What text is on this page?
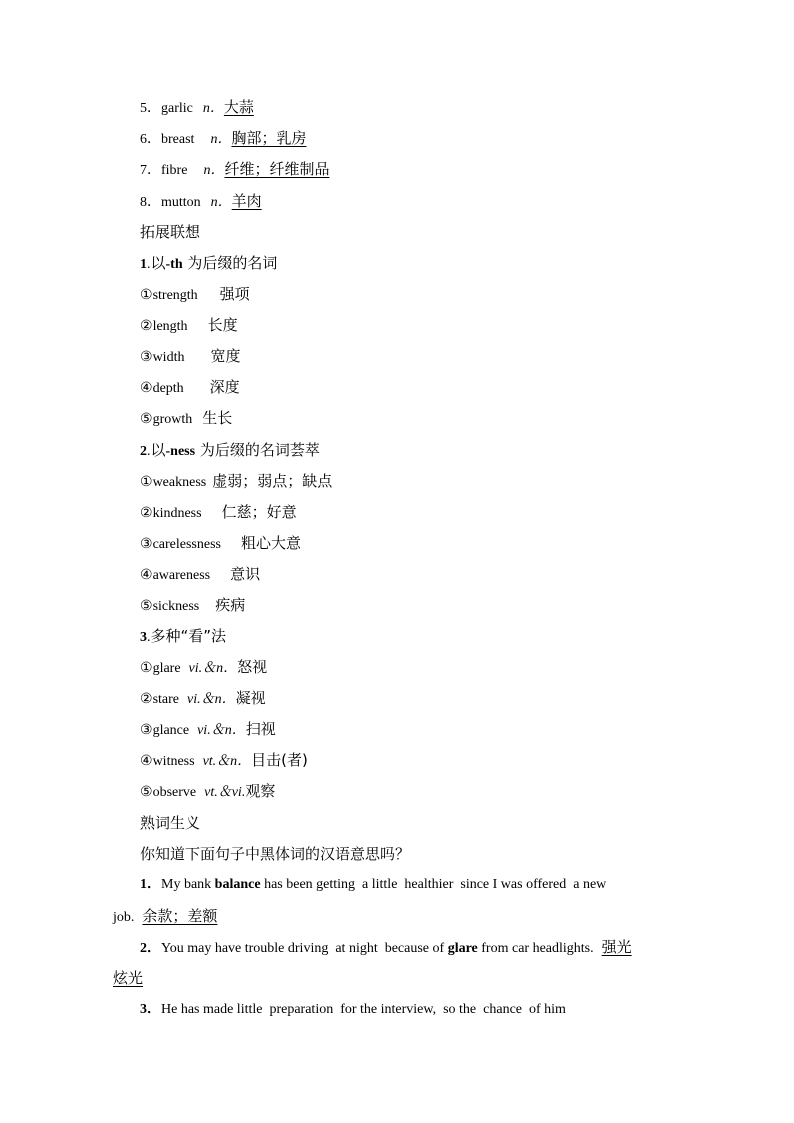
5．garlic n．大蒜
6．breast n．胸部；乳房
7．fibre n．纤维；纤维制品
8．mutton n．羊肉
拓展联想
1.以-th 为后缀的名词
①strength 强项
②length 长度
③width 宽度
④depth 深度
⑤growth 生长
2.以-ness 为后缀的名词荟萃
①weakness 虚弱；弱点；缺点
②kindness 仁慈；好意
③carelessness 粗心大意
④awareness 意识
⑤sickness 疾病
3.多种“看”法
①glare vi.＆n．怒视
②stare vi.＆n．凝视
③glance vi.＆n．扫视
④witness vt.＆n．目击(者)
⑤observe vt.＆vi.观察
熟词生义
你知道下面句子中黑体词的汉语意思吗？
1．My bank balance has been getting  a little  healthier  since I was offered  a new
job. 余款；差额
2．You may have trouble driving  at night  because of glare from car headlights. 强光
炫光
3．He has made little  preparation  for the interview,  so the  chance  of him
